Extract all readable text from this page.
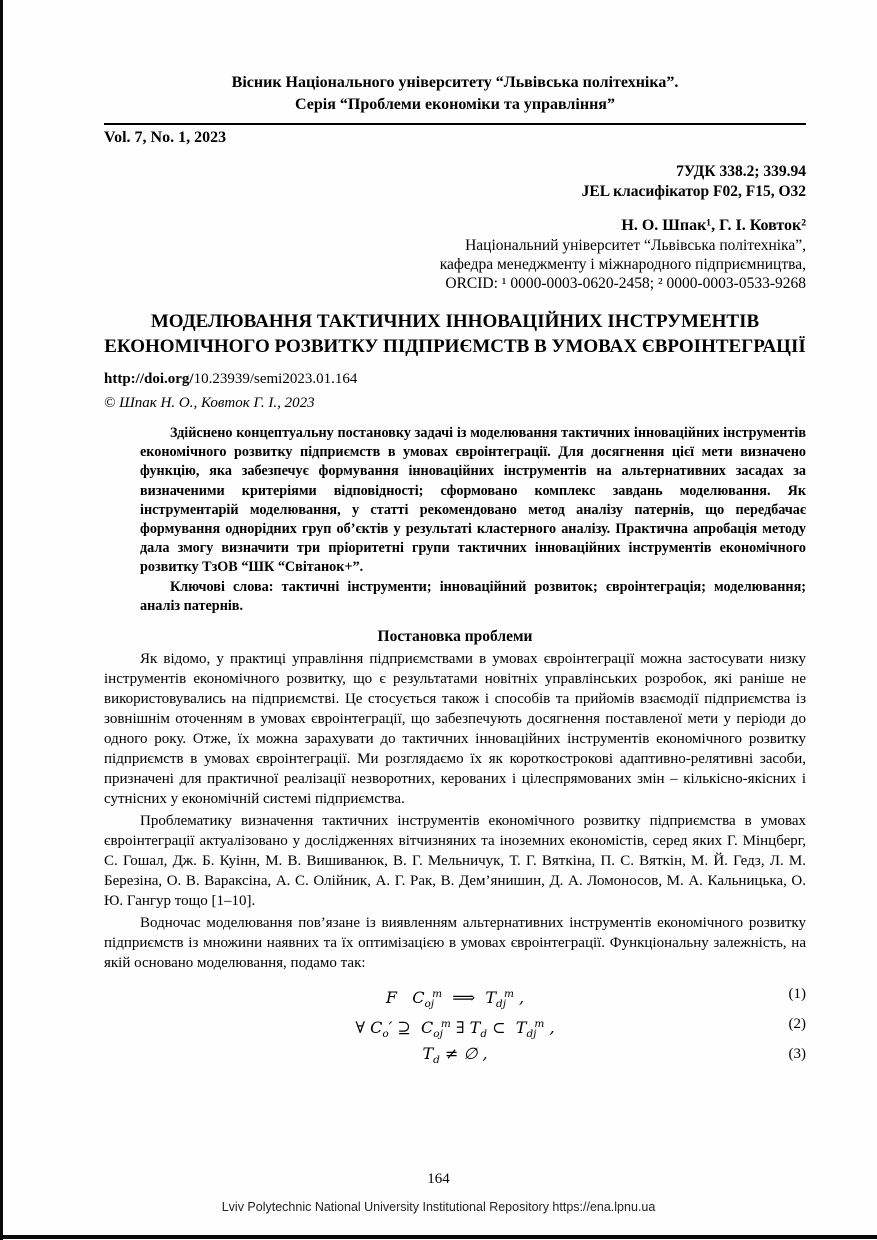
Вісник Національного університету “Львівська політехніка”.
Серія “Проблеми економіки та управління”
Vol. 7, No. 1, 2023
7УДК 338.2; 339.94
JEL класифікатор F02, F15, O32
Н. О. Шпак¹, Г. І. Ковток²
Національний університет “Львівська політехніка”,
кафедра менеджменту і міжнародного підприємництва,
ORCID: ¹ 0000-0003-0620-2458; ² 0000-0003-0533-9268
МОДЕЛЮВАННЯ ТАКТИЧНИХ ІННОВАЦІЙНИХ ІНСТРУМЕНТІВ ЕКОНОМІЧНОГО РОЗВИТКУ ПІДПРИЄМСТВ В УМОВАХ ЄВРОІНТЕГРАЦІЇ
http://doi.org/10.23939/semi2023.01.164
© Шпак Н. О., Ковток Г. І., 2023

Здійснено концептуальну постановку задачі із моделювання тактичних інноваційних інструментів економічного розвитку підприємств в умовах євроінтеграції. Для досягнення цієї мети визначено функцію, яка забезпечує формування інноваційних інструментів на альтернативних засадах за визначеними критеріями відповідності; сформовано комплекс завдань моделювання. Як інструментарій моделювання, у статті рекомендовано метод аналізу патернів, що передбачає формування однорідних груп об’єктів у результаті кластерного аналізу. Практична апробація методу дала змогу визначити три пріоритетні групи тактичних інноваційних інструментів економічного розвитку ТзОВ “ШК “Світанок+”.

Ключові слова: тактичні інструменти; інноваційний розвиток; євроінтеграція; моделювання; аналіз патернів.

Постановка проблеми

Як відомо, у практиці управління підприємствами в умовах євроінтеграції можна застосувати низку інструментів економічного розвитку, що є результатами новітніх управлінських розробок, які раніше не використовувались на підприємстві. Це стосується також і способів та прийомів взаємодії підприємства із зовнішнім оточенням в умовах євроінтеграції, що забезпечують досягнення поставленої мети у періоди до одного року. Отже, їх можна зарахувати до тактичних інноваційних інструментів економічного розвитку підприємств в умовах євроінтеграції. Ми розглядаємо їх як короткострокові адаптивно-релятивні засоби, призначені для практичної реалізації незворотних, керованих і цілеспрямованих змін – кількісно-якісних і сутнісних у економічній системі підприємства.

Проблематику визначення тактичних інструментів економічного розвитку підприємства в умовах євроінтеграції актуалізовано у дослідженнях вітчизняних та іноземних економістів, серед яких Г. Мінцберг, С. Гошал, Дж. Б. Куінн, М. В. Вишиванюк, В. Г. Мельничук, Т. Г. Вяткіна, П. С. Вяткін, М. Й. Гедз, Л. М. Березіна, О. В. Вараксіна, А. С. Олійник, А. Г. Рак, В. Дем’янишин, Д. А. Ломоносов, М. А. Кальницька, О. Ю. Гангур тощо [1–10].

Водночас моделювання пов’язане із виявленням альтернативних інструментів економічного розвитку підприємств із множини наявних та їх оптимізацією в умовах євроінтеграції. Функціональну залежність, на якій основано моделювання, подамо так:

F   $C_{oj}^m$  ⟹  $T_{dj}^m$ ,	(1)
∀ $C_o'$ ⊇  $C_{oj}^m$ ∃ $T_d$ ⊂  $T_{dj}^m$ ,	(2)
$T_d$ ≠ ∅ ,	(3)
164
Lviv Polytechnic National University Institutional Repository https://ena.lpnu.ua
